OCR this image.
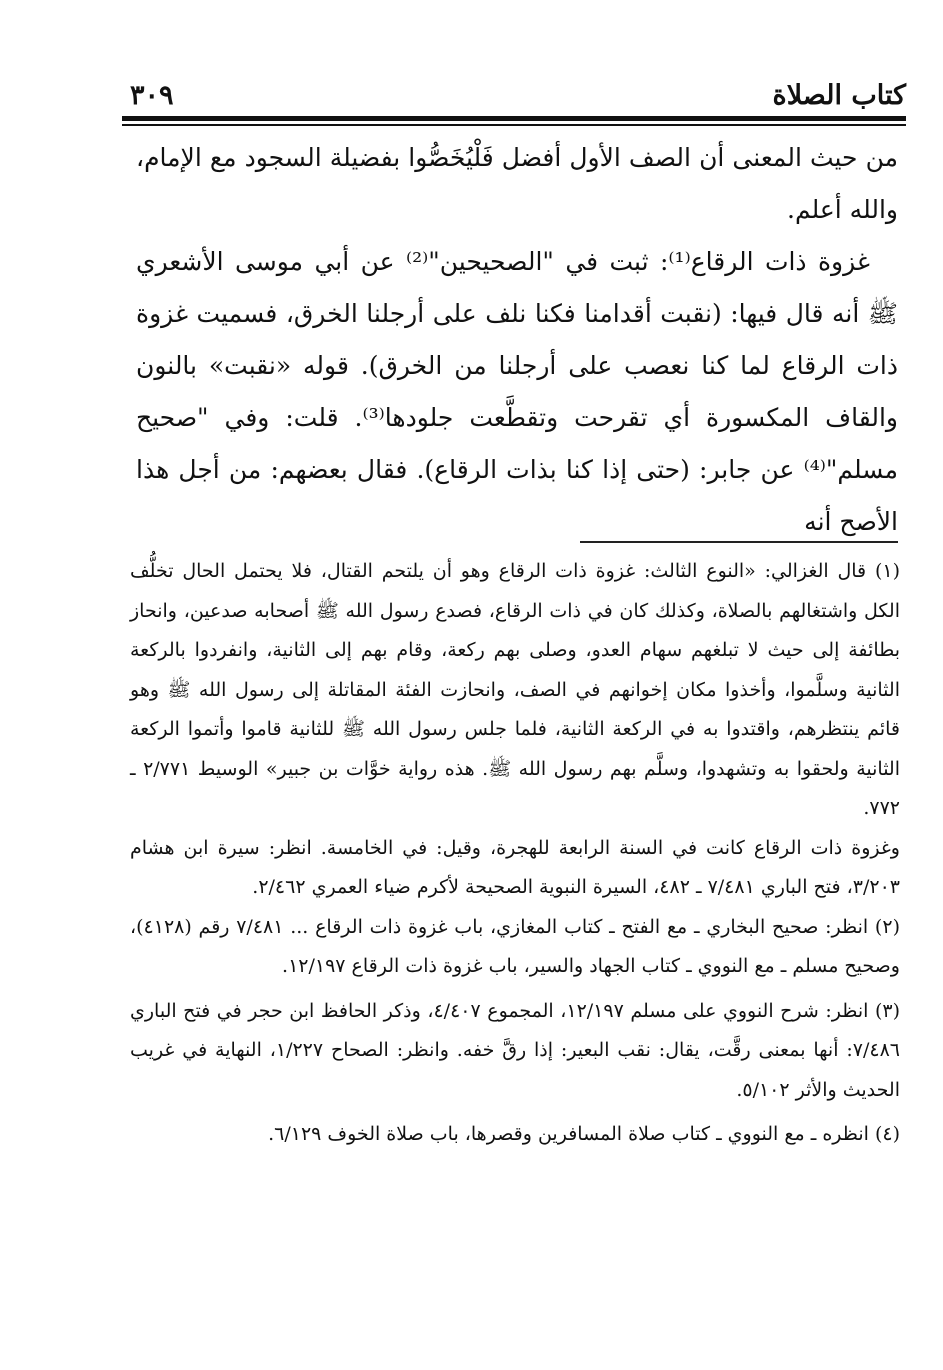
كتاب الصلاة
٣٠٩

من حيث المعنى أن الصف الأول أفضل فَلْيُخَصُّوا بفضيلة السجود مع الإمام، والله أعلم.

غزوة ذات الرقاع⁽¹⁾: ثبت في "الصحيحين"⁽²⁾ عن أبي موسى الأشعري ﷺ أنه قال فيها: (نقبت أقدامنا فكنا نلف على أرجلنا الخرق، فسميت غزوة ذات الرقاع لما كنا نعصب على أرجلنا من الخرق). قوله «نقبت» بالنون والقاف المكسورة أي تقرحت وتقطَّعت جلودها⁽³⁾. قلت: وفي "صحيح مسلم"⁽⁴⁾ عن جابر: (حتى إذا كنا بذات الرقاع). فقال بعضهم: من أجل هذا الأصح أنه

(١) قال الغزالي: «النوع الثالث: غزوة ذات الرقاع وهو أن يلتحم القتال، فلا يحتمل الحال تخلُّف الكل واشتغالهم بالصلاة، وكذلك كان في ذات الرقاع، فصدع رسول الله ﷺ أصحابه صدعين، وانحاز بطائفة إلى حيث لا تبلغهم سهام العدو، وصلى بهم ركعة، وقام بهم إلى الثانية، وانفردوا بالركعة الثانية وسلَّموا، وأخذوا مكان إخوانهم في الصف، وانحازت الفئة المقاتلة إلى رسول الله ﷺ وهو قائم ينتظرهم، واقتدوا به في الركعة الثانية، فلما جلس رسول الله ﷺ للثانية قاموا وأتموا الركعة الثانية ولحقوا به وتشهدوا، وسلَّم بهم رسول الله ﷺ. هذه رواية خوَّات بن جبير» الوسيط ٢/٧٧١ ـ ٧٧٢.

وغزوة ذات الرقاع كانت في السنة الرابعة للهجرة، وقيل: في الخامسة. انظر: سيرة ابن هشام ٣/٢٠٣، فتح الباري ٧/٤٨١ ـ ٤٨٢، السيرة النبوية الصحيحة لأكرم ضياء العمري ٢/٤٦٢.

(٢) انظر: صحيح البخاري ـ مع الفتح ـ كتاب المغازي، باب غزوة ذات الرقاع ... ٧/٤٨١ رقم (٤١٢٨)، وصحيح مسلم ـ مع النووي ـ كتاب الجهاد والسير، باب غزوة ذات الرقاع ١٢/١٩٧.

(٣) انظر: شرح النووي على مسلم ١٢/١٩٧، المجموع ٤/٤٠٧، وذكر الحافظ ابن حجر في فتح الباري ٧/٤٨٦: أنها بمعنى رقَّت، يقال: نقب البعير: إذا رقَّ خفه. وانظر: الصحاح ١/٢٢٧، النهاية في غريب الحديث والأثر ٥/١٠٢.

(٤) انظره ـ مع النووي ـ كتاب صلاة المسافرين وقصرها، باب صلاة الخوف ٦/١٢٩.
